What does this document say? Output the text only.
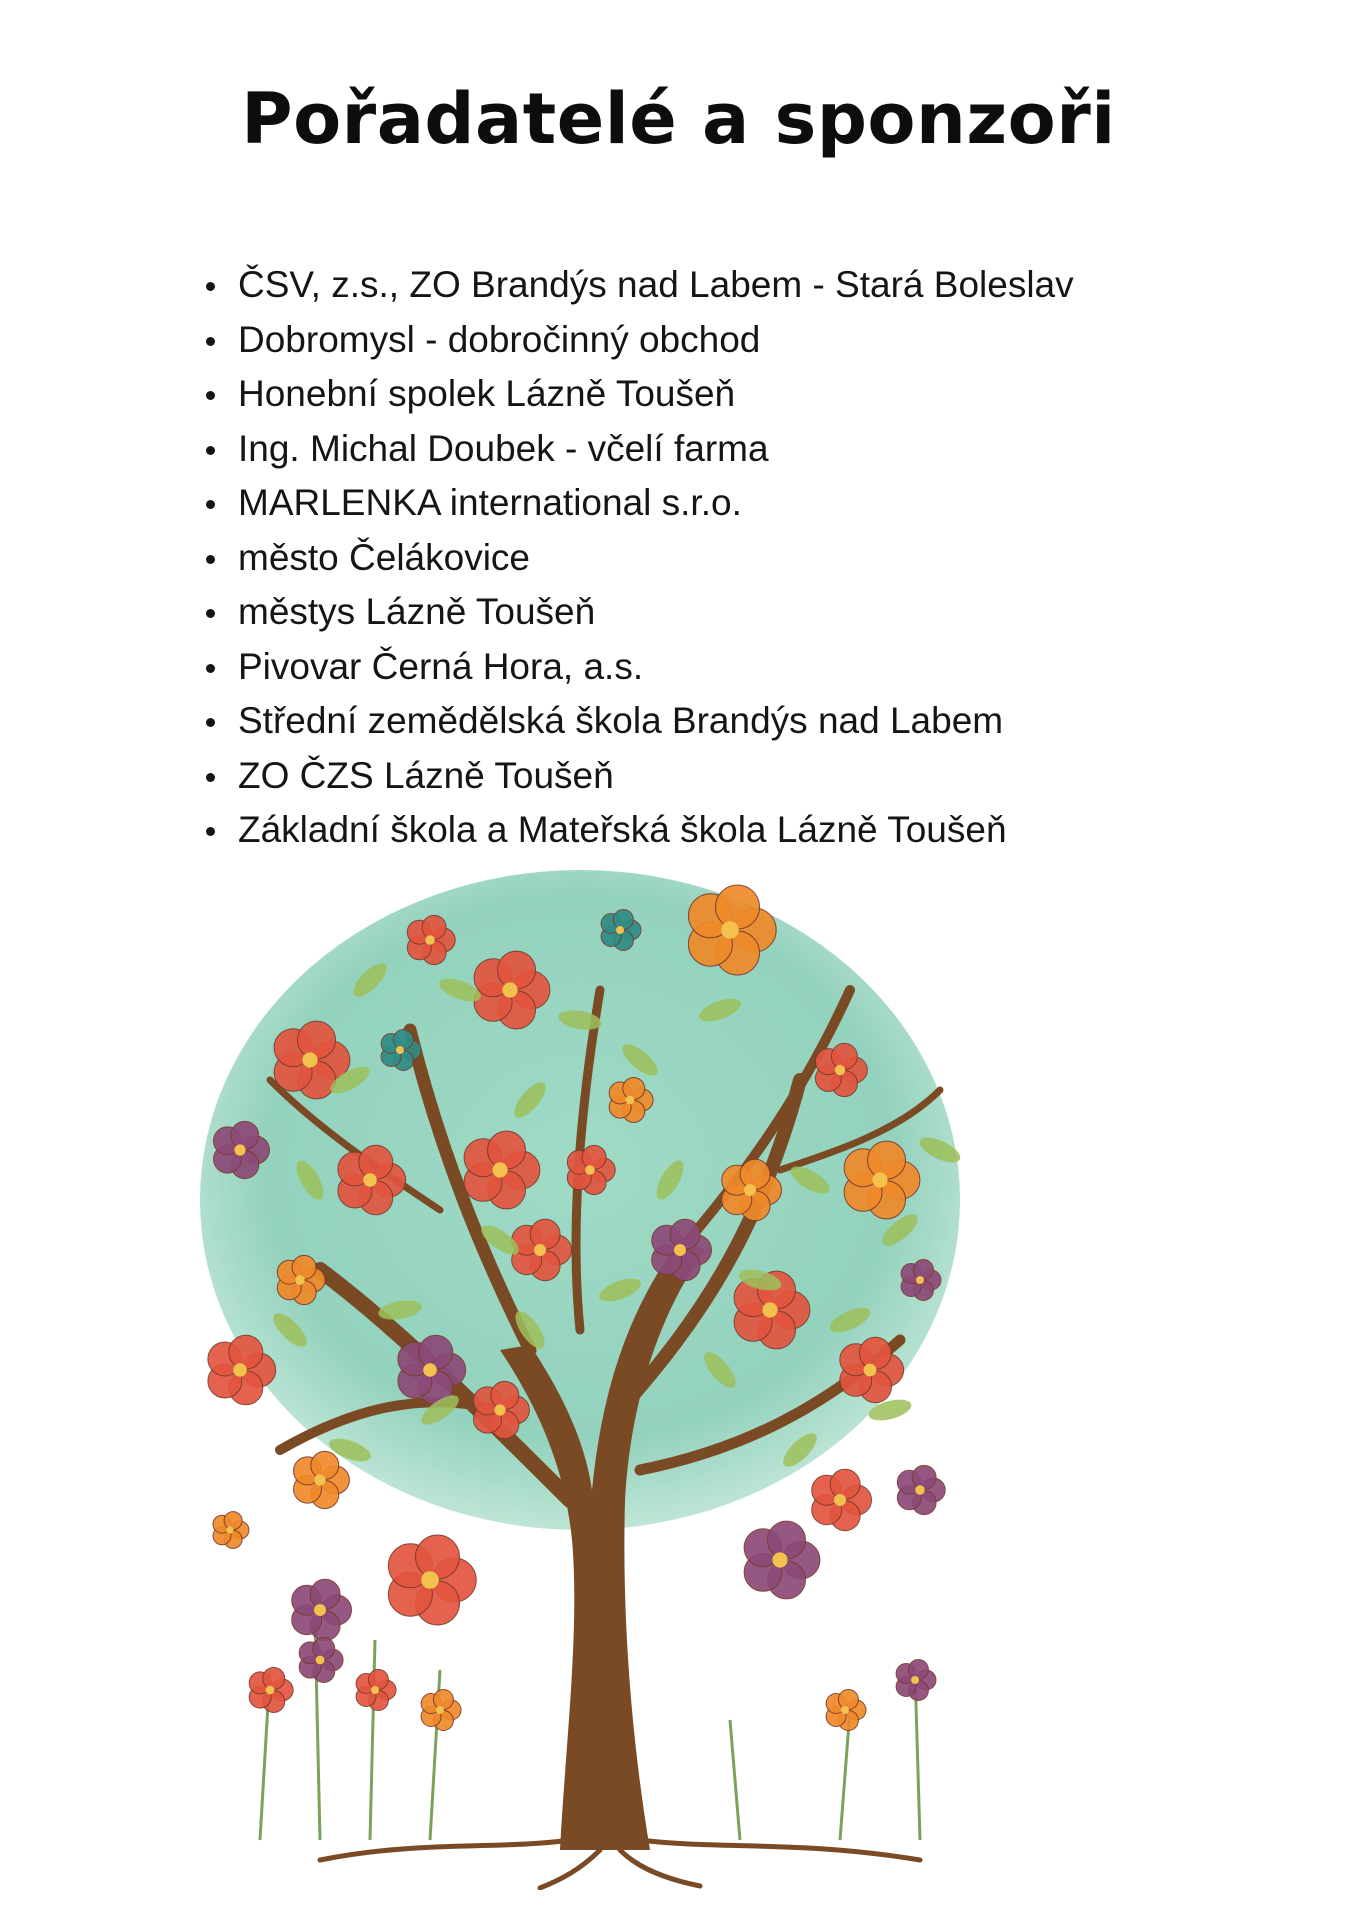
Pořadatelé a sponzoři
ČSV, z.s., ZO Brandýs nad Labem - Stará Boleslav
Dobromysl - dobročinný obchod
Honební spolek Lázně Toušeň
Ing. Michal Doubek - včelí farma
MARLENKA international s.r.o.
město Čelákovice
městys Lázně Toušeň
Pivovar Černá Hora, a.s.
Střední zemědělská škola Brandýs nad Labem
ZO ČZS Lázně Toušeň
Základní škola a Mateřská škola Lázně Toušeň
